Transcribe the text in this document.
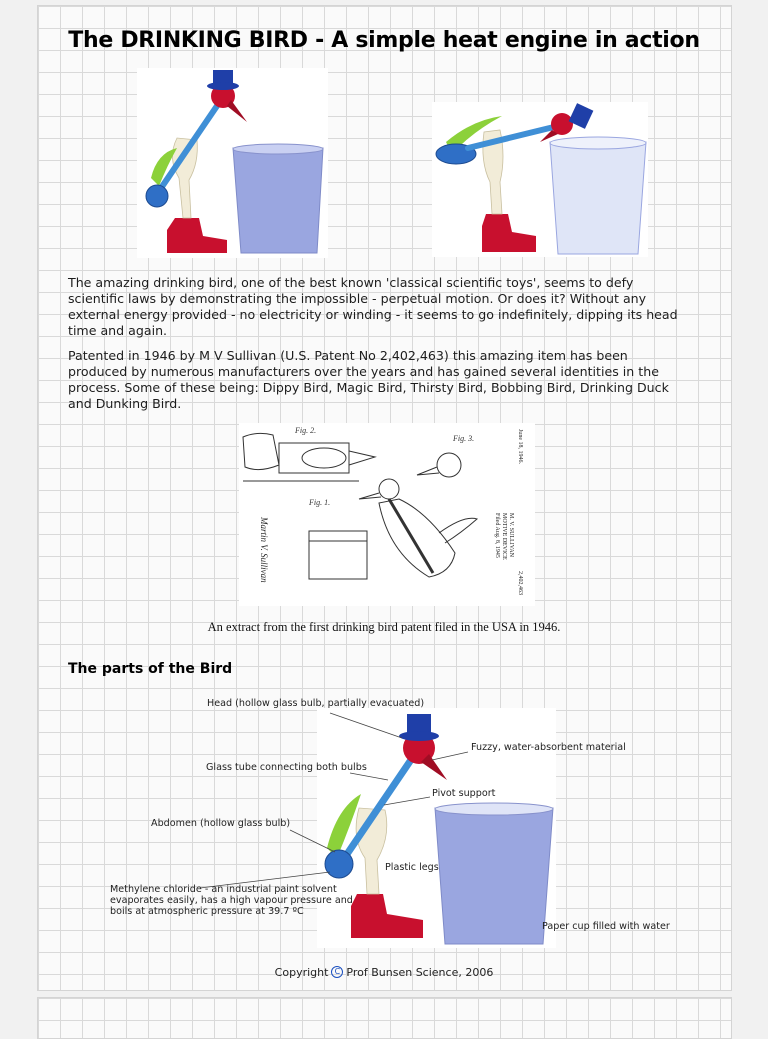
The DRINKING BIRD - A simple heat engine in action
The amazing drinking bird, one of the best known 'classical scientific toys', seems to defy scientific laws by demonstrating the impossible - perpetual motion. Or does it? Without any external energy provided - no electricity or winding - it seems to go indefinitely, dipping its head time and again.
Patented in 1946 by M V Sullivan (U.S. Patent No 2,402,463) this amazing item has been produced by numerous manufacturers over the years and has gained several identities in the process. Some of these being: Dippy Bird, Magic Bird, Thirsty Bird, Bobbing Bird, Drinking Duck and Dunking Bird.
Fig. 2.
Fig. 3.
Fig. 1.
June 18, 1946.
M. V. SULLIVAN
MOTIVE DEVICE
Filed Aug. 8, 1945
2,402,463
Martin V. Sullivan
An extract from the first drinking bird patent filed in the USA in 1946.
The parts of the Bird
Head (hollow glass bulb, partially evacuated)
Fuzzy, water-absorbent material
Glass tube connecting both bulbs
Pivot support
Abdomen (hollow glass bulb)
Plastic legs
Methylene chloride - an industrial paint solvent
evaporates easily, has a high vapour pressure and
boils at atmospheric pressure at 39.7 ºC
Paper cup filled with water
Copyright C Prof Bunsen Science, 2006
